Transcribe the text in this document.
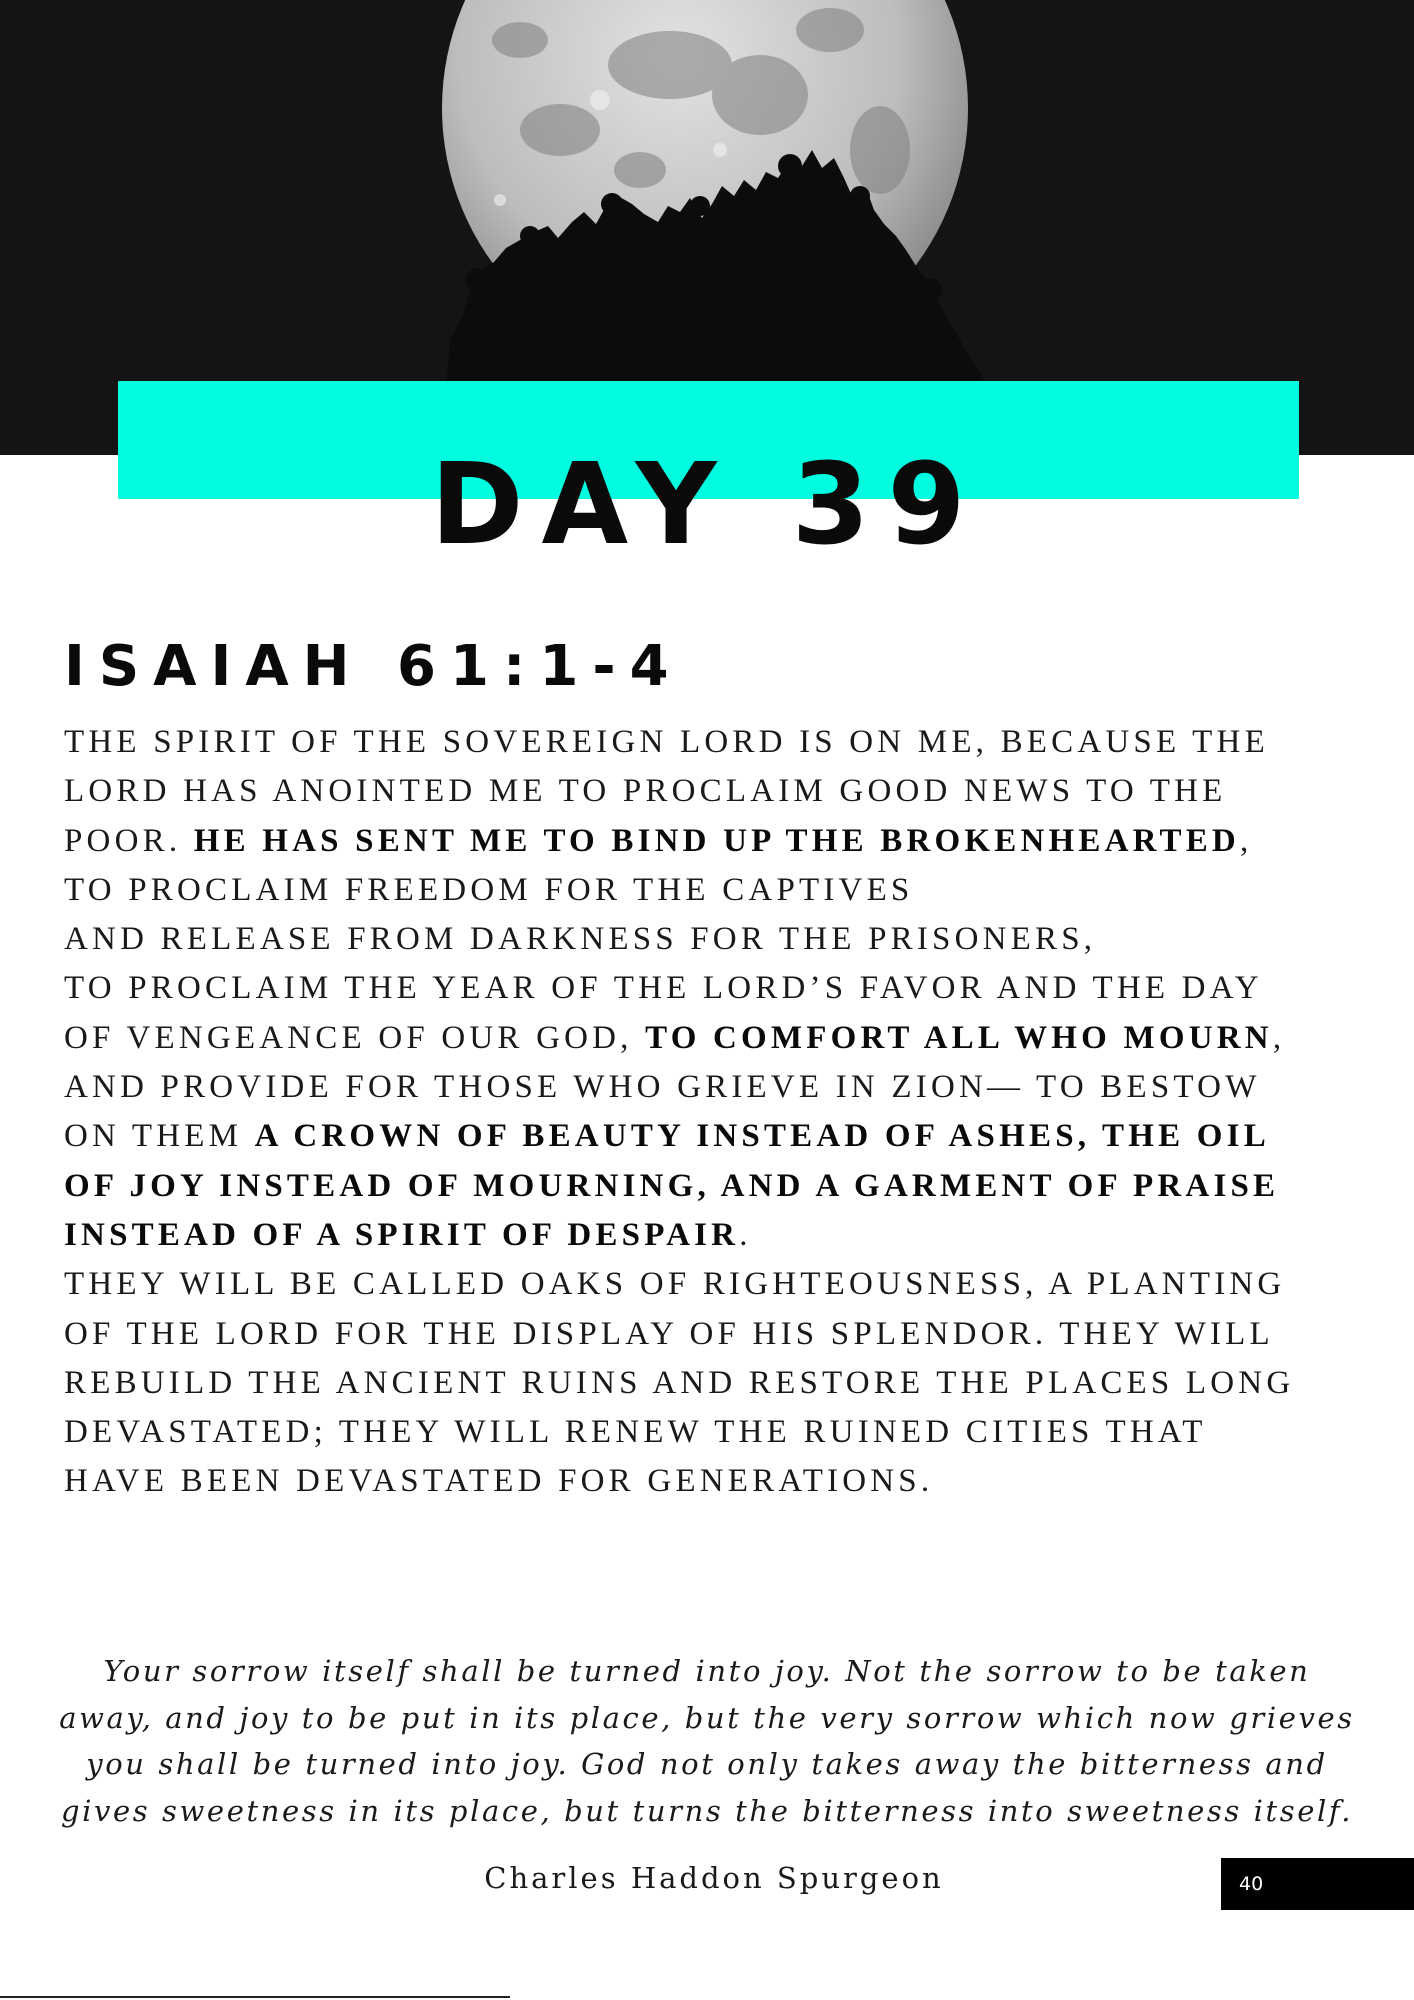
DAY 39
ISAIAH 61:1-4
THE SPIRIT OF THE SOVEREIGN LORD IS ON ME, BECAUSE THE
LORD HAS ANOINTED ME TO PROCLAIM GOOD NEWS TO THE
POOR. HE HAS SENT ME TO BIND UP THE BROKENHEARTED,
TO PROCLAIM FREEDOM FOR THE CAPTIVES
AND RELEASE FROM DARKNESS FOR THE PRISONERS,
TO PROCLAIM THE YEAR OF THE LORD’S FAVOR AND THE DAY
OF VENGEANCE OF OUR GOD, TO COMFORT ALL WHO MOURN,
AND PROVIDE FOR THOSE WHO GRIEVE IN ZION— TO BESTOW
ON THEM A CROWN OF BEAUTY INSTEAD OF ASHES, THE OIL
OF JOY INSTEAD OF MOURNING, AND A GARMENT OF PRAISE
INSTEAD OF A SPIRIT OF DESPAIR.
THEY WILL BE CALLED OAKS OF RIGHTEOUSNESS, A PLANTING
OF THE LORD FOR THE DISPLAY OF HIS SPLENDOR. THEY WILL
REBUILD THE ANCIENT RUINS AND RESTORE THE PLACES LONG
DEVASTATED; THEY WILL RENEW THE RUINED CITIES THAT
HAVE BEEN DEVASTATED FOR GENERATIONS.
Your sorrow itself shall be turned into joy. Not the sorrow to be taken
away, and joy to be put in its place, but the very sorrow which now grieves
you shall be turned into joy. God not only takes away the bitterness and
gives sweetness in its place, but turns the bitterness into sweetness itself.
Charles Haddon Spurgeon	40
